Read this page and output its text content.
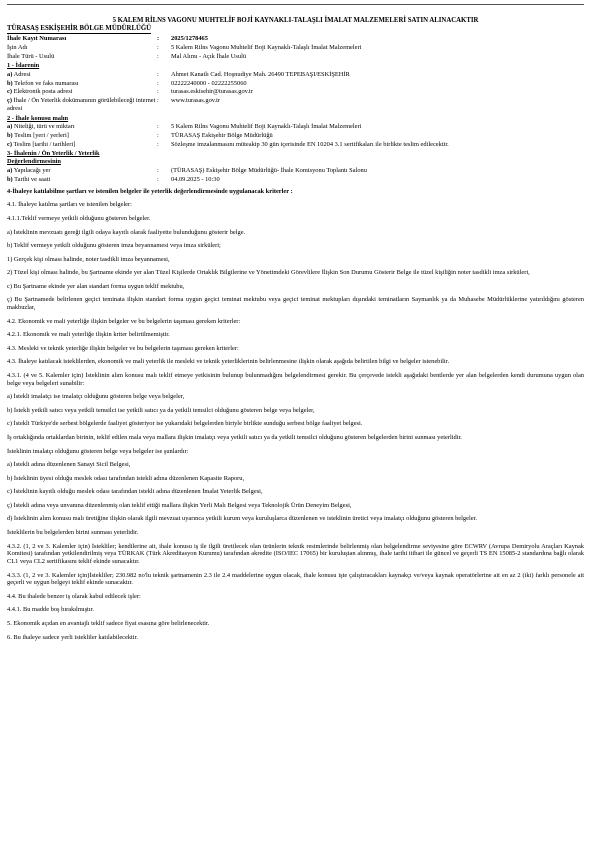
5 KALEM RİLNS VAGONU MUHTELİF BOJİ KAYNAKLI-TALAŞLI İMALAT MALZEMELERİ SATIN ALINACAKTIR
TÜRASAŞ ESKİŞEHİR BÖLGE MÜDÜRLÜĞÜ
İhale Kayıt Numarası	:	2025/1278465
İşin Adı	:	5 Kalem Rilns Vagonu Muhtelif Boji Kaynaklı-Talaşlı İmalat Malzemeleri
İhale Türü - Usulü	:	Mal Alımı - Açık İhale Usulü
1 - İdarenin
a) Adresi	:	Ahmet Kanatlı Cad. Hoşnudiye Mah. 26490 TEPEBAŞI/ESKİŞEHİR
b) Telefon ve faks numarası	:	02222240000 - 02222255060
c) Elektronik posta adresi	:	turasas.eskisehir@turasas.gov.tr
ç) İhale / Ön Yeterlik dokümanının görülebileceği internet adresi	:	www.turasas.gov.tr
2 - İhale konusu malın
a) Niteliği, türü ve miktarı	:	5 Kalem Rilns Vagonu Muhtelif Boji Kaynaklı-Talaşlı İmalat Malzemeleri
b) Teslim [yeri / yerleri]	:	TÜRASAŞ Eskişehir Bölge Müdürlüğü
c) Teslim [tarihi / tarihleri]	:	Sözleşme imzalanmasını müteakip 30 gün içerisinde EN 10204 3.1 sertifikaları ile birlikte teslim edilecektir.
3- İhalenin / Ön Yeterlik / Yeterlik Değerlendirmesinin
a) Yapılacağı yer	:	(TÜRASAŞ) Eskişehir Bölge Müdürlüğü- İhale Komisyonu Toplantı Salonu
b) Tarihi ve saati	:	04.09.2025 - 10:30
4-İhaleye katılabilme şartları ve istenilen belgeler ile yeterlik değerlendirmesinde uygulanacak kriterler :

4.1. İhaleye katılma şartları ve istenilen belgeler:

4.1.1.Teklif vermeye yetkili olduğunu gösteren belgeler.

a) İsteklinin mevzuatı gereği ilgili odaya kayıtlı olarak faaliyette bulunduğunu gösterir belge.

b) Teklif vermeye yetkili olduğunu gösteren imza beyannamesi veya imza sirküleri;

1) Gerçek kişi olması halinde, noter tasdikli imza beyannamesi,

2) Tüzel kişi olması halinde, bu Şartname ekinde yer alan Tüzel Kişilerde Ortaklık Bilgilerine ve Yönetimdeki Görevlilere İlişkin Son Durumu Gösterir Belge ile tüzel kişiliğin noter tasdikli imza sirküleri,

c) Bu Şartname ekinde yer alan standart forma uygun teklif mektubu,

ç) Bu Şartnamede belirlenen geçici teminata ilişkin standart forma uygun geçici teminat mektubu veya geçici teminat mektupları dışındaki teminatların Saymanlık ya da Muhasebe Müdürlüklerine yatırıldığını gösteren makbuzlar,

4.2. Ekonomik ve mali yeterliğe ilişkin belgeler ve bu belgelerin taşıması gereken kriterler:

4.2.1. Ekonomik ve mali yeterliğe ilişkin kriter belirtilmemiştir.

4.3. Mesleki ve teknik yeterliğe ilişkin belgeler ve bu belgelerin taşıması gereken kriterler:

4.3. İhaleye katılacak isteklilerden, ekonomik ve mali yeterlik ile mesleki ve teknik yeterliklerinin belirlenmesine ilişkin olarak aşağıda belirtilen bilgi ve belgeler istenebilir.

4.3.1. (4 ve 5. Kalemler için) İsteklinin alım konusu malı teklif etmeye yetkisinin bulunup bulunmadığını belgelendirmesi gerekir. Bu çerçevede istekli aşağıdaki bentlerde yer alan belgelerden kendi durumuna uygun olan belge veya belgeleri sunabilir:

a) İstekli imalatçı ise imalatçı olduğunu gösteren belge veya belgeler,

b) İstekli yetkili satıcı veya yetkili temsilci ise yetkili satıcı ya da yetkili temsilci olduğunu gösteren belge veya belgeler,

c) İstekli Türkiye'de serbest bölgelerde faaliyet gösteriyor ise yukarıdaki belgelerden biriyle birlikte sunduğu serbest bölge faaliyet belgesi.

İş ortaklığında ortaklardan birinin, teklif edilen mala veya mallara ilişkin imalatçı veya yetkili satıcı ya da yetkili temsilci olduğunu gösteren belgelerden birini sunması yeterlidir.

İsteklinin imalatçı olduğunu gösteren belge veya belgeler ise şunlardır:

a) İstekli adına düzenlenen Sanayi Sicil Belgesi,

b) İsteklinin üyesi olduğu meslek odası tarafından istekli adına düzenlenen Kapasite Raporu,

c) İsteklinin kayıtlı olduğu meslek odası tarafından istekli adına düzenlenen İmalat Yeterlik Belgesi,

ç) İstekli adına veya unvanına düzenlenmiş olan teklif ettiği mallara ilişkin Yerli Malı Belgesi veya Teknolojik Ürün Deneyim Belgesi,

d) İsteklinin alım konusu malı üretiğine ilişkin olarak ilgili mevzuat uyarınca yetkili kurum veya kuruluşlarca düzenlenen ve isteklinin üretici veya imalatçı olduğunu gösteren belgeler.

İsteklilerin bu belgelerden birini sunması yeterlidir.

4.3.2. (1, 2 ve 3. Kalemler için) İstekliler; kendilerine ait, ihale konusu iş ile ilgili üretilecek olan ürünlerin teknik resimlerinde belirlenmiş olan belgelendirme seviyesine göre ECWRV (Avrupa Demiryolu Araçları Kaynak Komitesi) tarafından yetkilendirilmiş veya TÜRKAK (Türk Akreditasyon Kurumu) tarafından akredite (ISO/IEC 17065) bir kuruluştan alınmış, ihale tarihi itibari ile güncel ve geçerli TS EN 15085-2 standardına bağlı olarak CL1 veya CL2 sertifikasını teklif ekinde sunacaktır.

4.3.3. (1, 2 ve 3. Kalemler için)İstekliler; 230.982 no'lu teknik şartnamenin 2.3 ile 2.4 maddelerine uygun olacak, ihale konusu işte çalıştıracakları kaynakçı ve/veya kaynak operatörlerine ait en az 2 (iki) farklı personele ait geçerli ve uygun belgeyi teklif ekinde sunacaktır.

4.4. Bu ihalede benzer iş olarak kabul edilecek işler:

4.4.1. Bu madde boş bırakılmıştır.

5. Ekonomik açıdan en avantajlı teklif sadece fiyat esasına göre belirlenecektir.

6. Bu ihaleye sadece yerli istekliler katılabilecektir.
